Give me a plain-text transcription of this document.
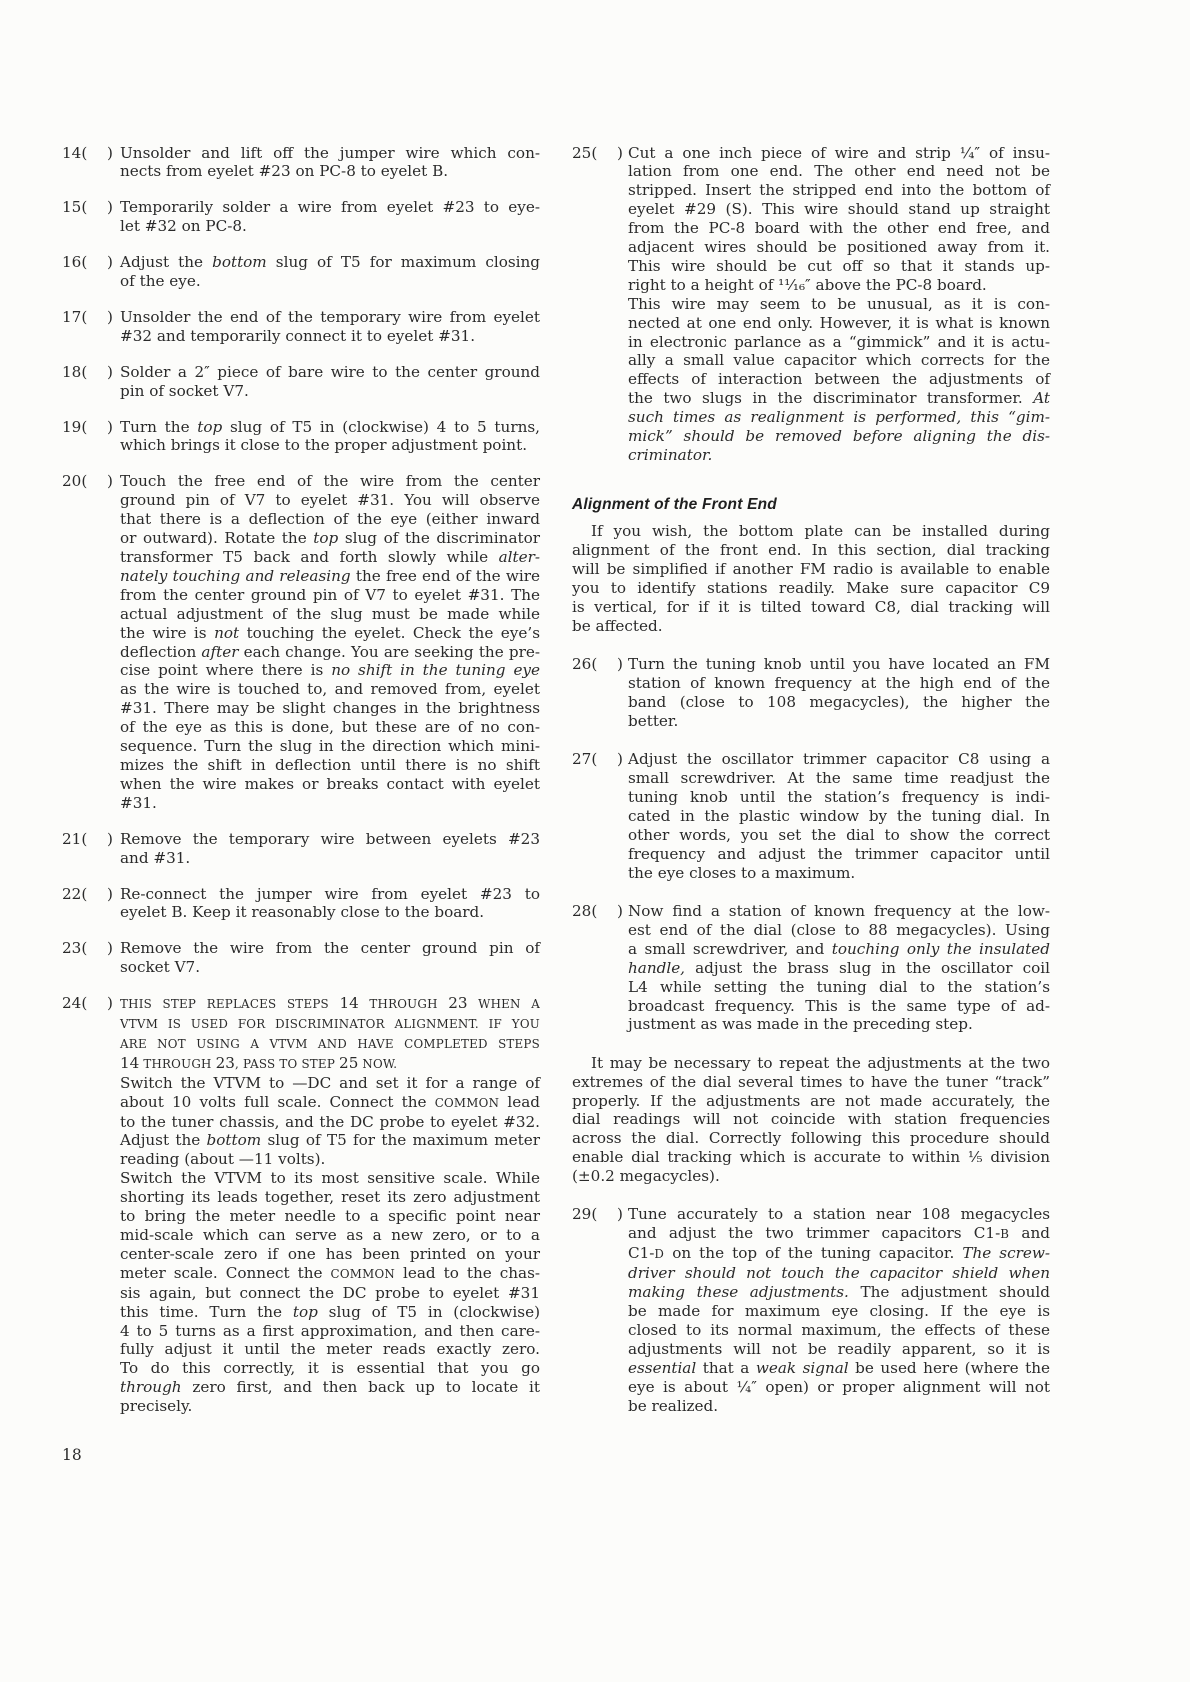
14( ) Unsolder and lift off the jumper wire which con-
nects from eyelet #23 on PC-8 to eyelet B.
15( ) Temporarily solder a wire from eyelet #23 to eye-
let #32 on PC-8.
16( ) Adjust the bottom slug of T5 for maximum closing
of the eye.
17( ) Unsolder the end of the temporary wire from eyelet
#32 and temporarily connect it to eyelet #31.
18( ) Solder a 2″ piece of bare wire to the center ground
pin of socket V7.
19( ) Turn the top slug of T5 in (clockwise) 4 to 5 turns,
which brings it close to the proper adjustment point.
20( ) Touch the free end of the wire from the center
ground pin of V7 to eyelet #31. You will observe
that there is a deflection of the eye (either inward
or outward). Rotate the top slug of the discriminator
transformer T5 back and forth slowly while alter-
nately touching and releasing the free end of the wire
from the center ground pin of V7 to eyelet #31. The
actual adjustment of the slug must be made while
the wire is not touching the eyelet. Check the eye’s
deflection after each change. You are seeking the pre-
cise point where there is no shift in the tuning eye
as the wire is touched to, and removed from, eyelet
#31. There may be slight changes in the brightness
of the eye as this is done, but these are of no con-
sequence. Turn the slug in the direction which mini-
mizes the shift in deflection until there is no shift
when the wire makes or breaks contact with eyelet
#31.
21( ) Remove the temporary wire between eyelets #23
and #31.
22( ) Re-connect the jumper wire from eyelet #23 to
eyelet B. Keep it reasonably close to the board.
23( ) Remove the wire from the center ground pin of
socket V7.
24( ) THIS STEP REPLACES STEPS 14 THROUGH 23 WHEN A
VTVM IS USED FOR DISCRIMINATOR ALIGNMENT. IF YOU
ARE NOT USING A VTVM AND HAVE COMPLETED STEPS
14 THROUGH 23, PASS TO STEP 25 NOW.
Switch the VTVM to —DC and set it for a range of
about 10 volts full scale. Connect the COMMON lead
to the tuner chassis, and the DC probe to eyelet #32.
Adjust the bottom slug of T5 for the maximum meter
reading (about —11 volts).
Switch the VTVM to its most sensitive scale. While
shorting its leads together, reset its zero adjustment
to bring the meter needle to a specific point near
mid-scale which can serve as a new zero, or to a
center-scale zero if one has been printed on your
meter scale. Connect the COMMON lead to the chas-
sis again, but connect the DC probe to eyelet #31
this time. Turn the top slug of T5 in (clockwise)
4 to 5 turns as a first approximation, and then care-
fully adjust it until the meter reads exactly zero.
To do this correctly, it is essential that you go
through zero first, and then back up to locate it
precisely.
25( ) Cut a one inch piece of wire and strip ¼″ of insu-
lation from one end. The other end need not be
stripped. Insert the stripped end into the bottom of
eyelet #29 (S). This wire should stand up straight
from the PC-8 board with the other end free, and
adjacent wires should be positioned away from it.
This wire should be cut off so that it stands up-
right to a height of ¹¹⁄₁₆″ above the PC-8 board.
This wire may seem to be unusual, as it is con-
nected at one end only. However, it is what is known
in electronic parlance as a “gimmick” and it is actu-
ally a small value capacitor which corrects for the
effects of interaction between the adjustments of
the two slugs in the discriminator transformer. At
such times as realignment is performed, this “gim-
mick” should be removed before aligning the dis-
criminator.
Alignment of the Front End
If you wish, the bottom plate can be installed during
alignment of the front end. In this section, dial tracking
will be simplified if another FM radio is available to enable
you to identify stations readily. Make sure capacitor C9
is vertical, for if it is tilted toward C8, dial tracking will
be affected.
26( ) Turn the tuning knob until you have located an FM
station of known frequency at the high end of the
band (close to 108 megacycles), the higher the
better.
27( ) Adjust the oscillator trimmer capacitor C8 using a
small screwdriver. At the same time readjust the
tuning knob until the station’s frequency is indi-
cated in the plastic window by the tuning dial. In
other words, you set the dial to show the correct
frequency and adjust the trimmer capacitor until
the eye closes to a maximum.
28( ) Now find a station of known frequency at the low-
est end of the dial (close to 88 megacycles). Using
a small screwdriver, and touching only the insulated
handle, adjust the brass slug in the oscillator coil
L4 while setting the tuning dial to the station’s
broadcast frequency. This is the same type of ad-
justment as was made in the preceding step.
It may be necessary to repeat the adjustments at the two
extremes of the dial several times to have the tuner “track”
properly. If the adjustments are not made accurately, the
dial readings will not coincide with station frequencies
across the dial. Correctly following this procedure should
enable dial tracking which is accurate to within ⅕ division
(±0.2 megacycles).
29( ) Tune accurately to a station near 108 megacycles
and adjust the two trimmer capacitors C1-B and
C1-D on the top of the tuning capacitor. The screw-
driver should not touch the capacitor shield when
making these adjustments. The adjustment should
be made for maximum eye closing. If the eye is
closed to its normal maximum, the effects of these
adjustments will not be readily apparent, so it is
essential that a weak signal be used here (where the
eye is about ¼″ open) or proper alignment will not
be realized.
18
